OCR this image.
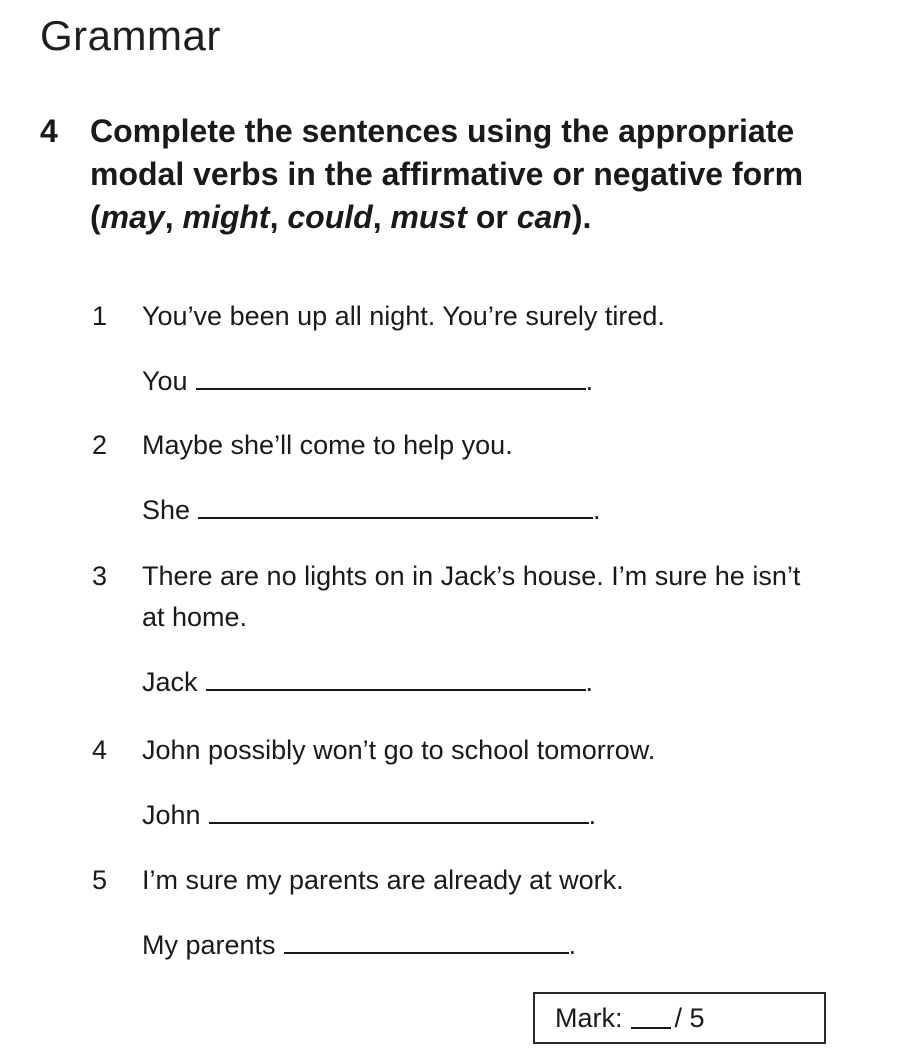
Grammar
4	Complete the sentences using the appropriate modal verbs in the affirmative or negative form (may, might, could, must or can).
1	You’ve been up all night. You’re surely tired.
You	.
2	Maybe she’ll come to help you.
She	.
3	There are no lights on in Jack’s house. I’m sure he isn’t at home.
Jack	.
4	John possibly won’t go to school tomorrow.
John	.
5	I’m sure my parents are already at work.
My parents	.
Mark: / 5
